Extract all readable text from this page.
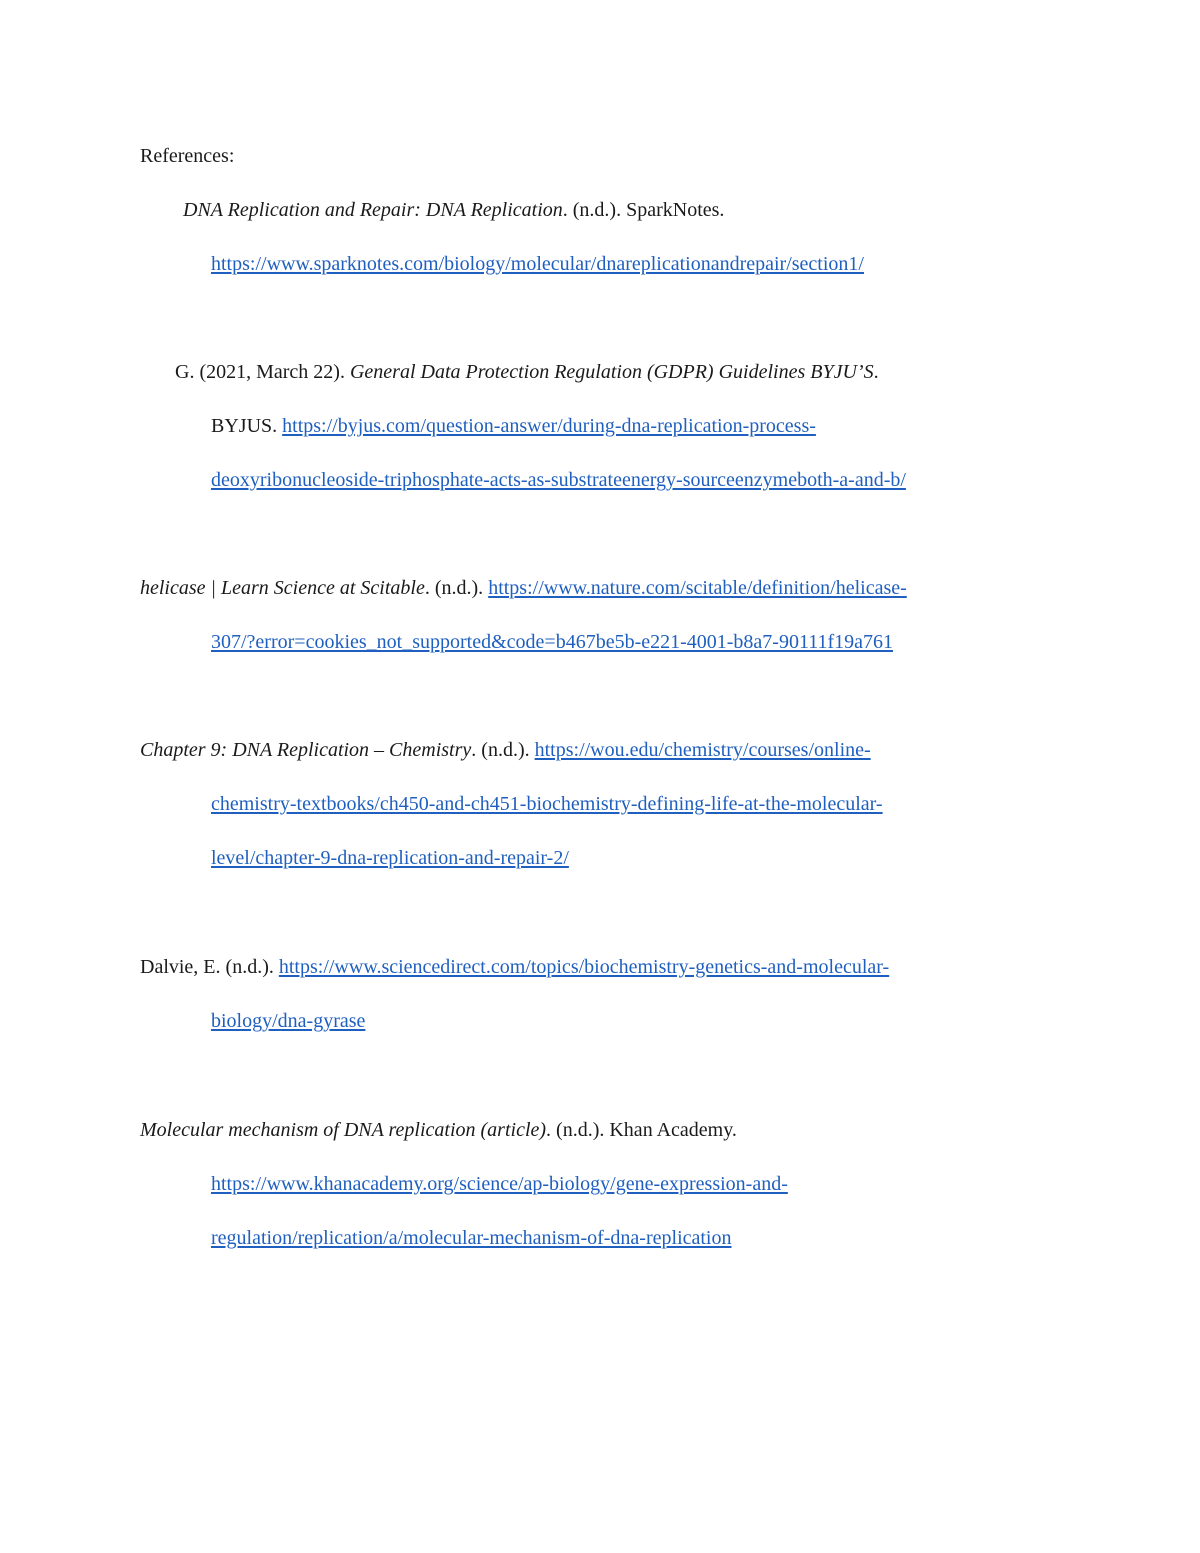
References:
DNA Replication and Repair: DNA Replication. (n.d.). SparkNotes.
https://www.sparknotes.com/biology/molecular/dnareplicationandrepair/section1/
G. (2021, March 22). General Data Protection Regulation (GDPR) Guidelines BYJU’S.
BYJUS. https://byjus.com/question-answer/during-dna-replication-process-
deoxyribonucleoside-triphosphate-acts-as-substrateenergy-sourceenzymeboth-a-and-b/
helicase | Learn Science at Scitable. (n.d.). https://www.nature.com/scitable/definition/helicase-
307/?error=cookies_not_supported&code=b467be5b-e221-4001-b8a7-90111f19a761
Chapter 9: DNA Replication – Chemistry. (n.d.). https://wou.edu/chemistry/courses/online-
chemistry-textbooks/ch450-and-ch451-biochemistry-defining-life-at-the-molecular-
level/chapter-9-dna-replication-and-repair-2/
Dalvie, E. (n.d.). https://www.sciencedirect.com/topics/biochemistry-genetics-and-molecular-
biology/dna-gyrase
Molecular mechanism of DNA replication (article). (n.d.). Khan Academy.
https://www.khanacademy.org/science/ap-biology/gene-expression-and-
regulation/replication/a/molecular-mechanism-of-dna-replication
